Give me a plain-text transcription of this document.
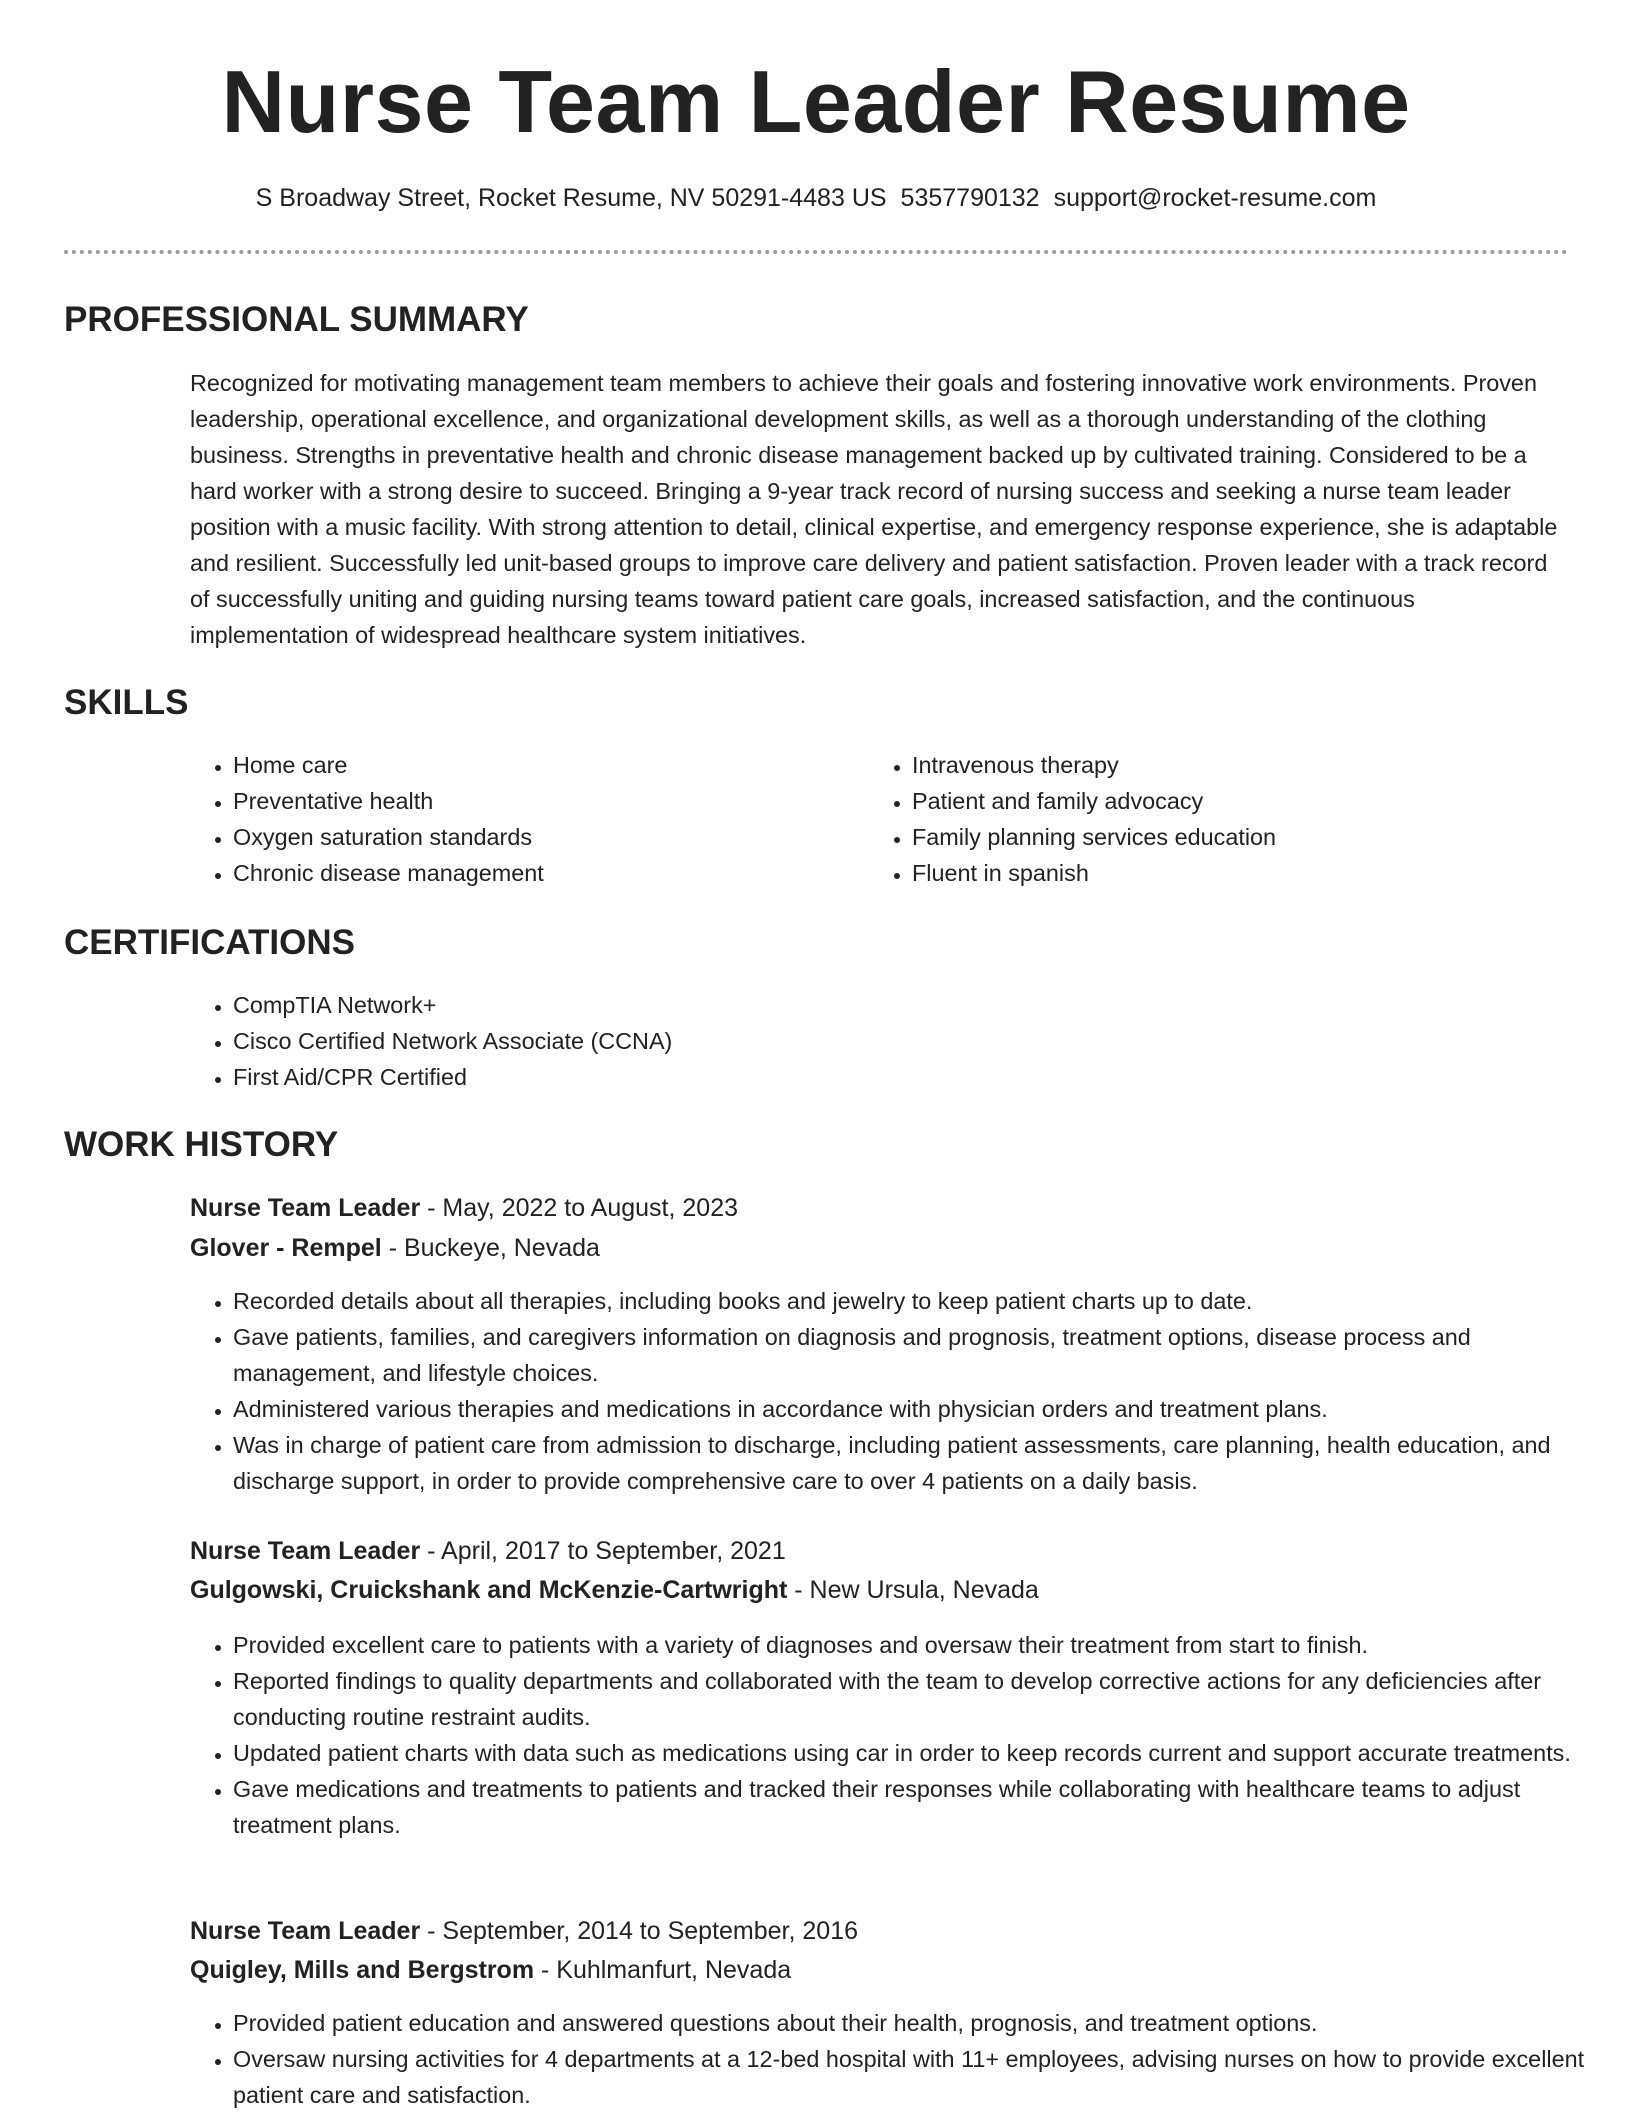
Nurse Team Leader Resume
S Broadway Street, Rocket Resume, NV 50291-4483 US 5357790132 support@rocket-resume.com
PROFESSIONAL SUMMARY
Recognized for motivating management team members to achieve their goals and fostering innovative work environments. Proven leadership, operational excellence, and organizational development skills, as well as a thorough understanding of the clothing business. Strengths in preventative health and chronic disease management backed up by cultivated training. Considered to be a hard worker with a strong desire to succeed. Bringing a 9-year track record of nursing success and seeking a nurse team leader position with a music facility. With strong attention to detail, clinical expertise, and emergency response experience, she is adaptable and resilient. Successfully led unit-based groups to improve care delivery and patient satisfaction. Proven leader with a track record of successfully uniting and guiding nursing teams toward patient care goals, increased satisfaction, and the continuous implementation of widespread healthcare system initiatives.
SKILLS
• Home care
• Preventative health
• Oxygen saturation standards
• Chronic disease management
• Intravenous therapy
• Patient and family advocacy
• Family planning services education
• Fluent in spanish
CERTIFICATIONS
• CompTIA Network+
• Cisco Certified Network Associate (CCNA)
• First Aid/CPR Certified
WORK HISTORY
Nurse Team Leader - May, 2022 to August, 2023
Glover - Rempel - Buckeye, Nevada
• Recorded details about all therapies, including books and jewelry to keep patient charts up to date.
• Gave patients, families, and caregivers information on diagnosis and prognosis, treatment options, disease process and management, and lifestyle choices.
• Administered various therapies and medications in accordance with physician orders and treatment plans.
• Was in charge of patient care from admission to discharge, including patient assessments, care planning, health education, and discharge support, in order to provide comprehensive care to over 4 patients on a daily basis.
Nurse Team Leader - April, 2017 to September, 2021
Gulgowski, Cruickshank and McKenzie-Cartwright - New Ursula, Nevada
• Provided excellent care to patients with a variety of diagnoses and oversaw their treatment from start to finish.
• Reported findings to quality departments and collaborated with the team to develop corrective actions for any deficiencies after conducting routine restraint audits.
• Updated patient charts with data such as medications using car in order to keep records current and support accurate treatments.
• Gave medications and treatments to patients and tracked their responses while collaborating with healthcare teams to adjust treatment plans.
Nurse Team Leader - September, 2014 to September, 2016
Quigley, Mills and Bergstrom - Kuhlmanfurt, Nevada
• Provided patient education and answered questions about their health, prognosis, and treatment options.
• Oversaw nursing activities for 4 departments at a 12-bed hospital with 11+ employees, advising nurses on how to provide excellent patient care and satisfaction.
